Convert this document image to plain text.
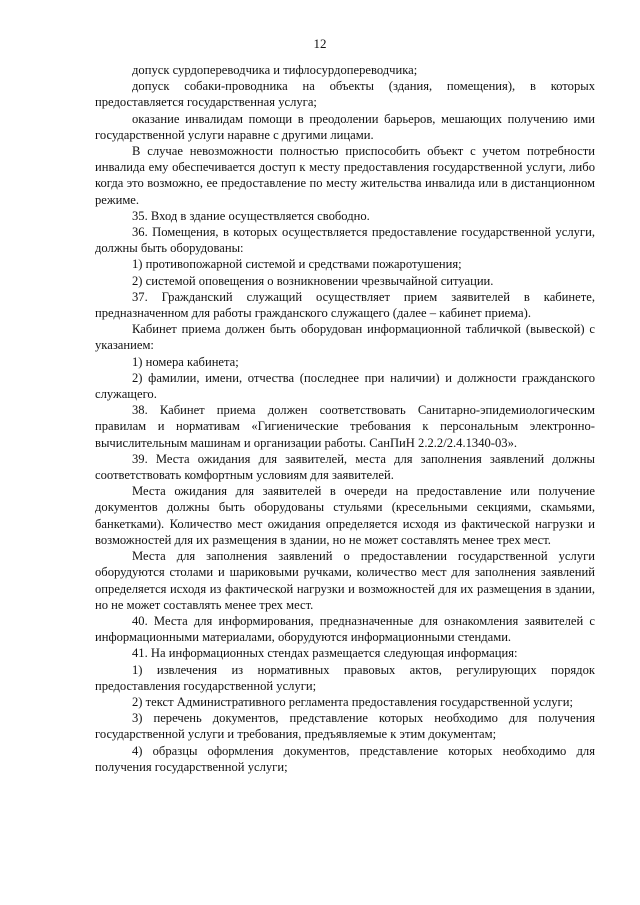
12

допуск сурдопереводчика и тифлосурдопереводчика;

допуск собаки-проводника на объекты (здания, помещения), в которых предоставляется государственная услуга;

оказание инвалидам помощи в преодолении барьеров, мешающих получению ими государственной услуги наравне с другими лицами.

В случае невозможности полностью приспособить объект с учетом потребности инвалида ему обеспечивается доступ к месту предоставления государственной услуги, либо когда это возможно, ее предоставление по месту жительства инвалида или в дистанционном режиме.

35. Вход в здание осуществляется свободно.

36. Помещения, в которых осуществляется предоставление государственной услуги, должны быть оборудованы:

1) противопожарной системой и средствами пожаротушения;

2) системой оповещения о возникновении чрезвычайной ситуации.

37. Гражданский служащий осуществляет прием заявителей в кабинете, предназначенном для работы гражданского служащего (далее – кабинет приема).

Кабинет приема должен быть оборудован информационной табличкой (вывеской) с указанием:

1) номера кабинета;

2) фамилии, имени, отчества (последнее при наличии) и должности гражданского служащего.

38. Кабинет приема должен соответствовать Санитарно-эпидемиологическим правилам и нормативам «Гигиенические требования к персональным электронно-вычислительным машинам и организации работы. СанПиН 2.2.2/2.4.1340-03».

39. Места ожидания для заявителей, места для заполнения заявлений должны соответствовать комфортным условиям для заявителей.

Места ожидания для заявителей в очереди на предоставление или получение документов должны быть оборудованы стульями (кресельными секциями, скамьями, банкетками). Количество мест ожидания определяется исходя из фактической нагрузки и возможностей для их размещения в здании, но не может составлять менее трех мест.

Места для заполнения заявлений о предоставлении государственной услуги оборудуются столами и шариковыми ручками, количество мест для заполнения заявлений определяется исходя из фактической нагрузки и возможностей для их размещения в здании, но не может составлять менее трех мест.

40. Места для информирования, предназначенные для ознакомления заявителей с информационными материалами, оборудуются информационными стендами.

41. На информационных стендах размещается следующая информация:

1) извлечения из нормативных правовых актов, регулирующих порядок предоставления государственной услуги;

2) текст Административного регламента предоставления государственной услуги;

3) перечень документов, представление которых необходимо для получения государственной услуги и требования, предъявляемые к этим документам;

4) образцы оформления документов, представление которых необходимо для получения государственной услуги;
